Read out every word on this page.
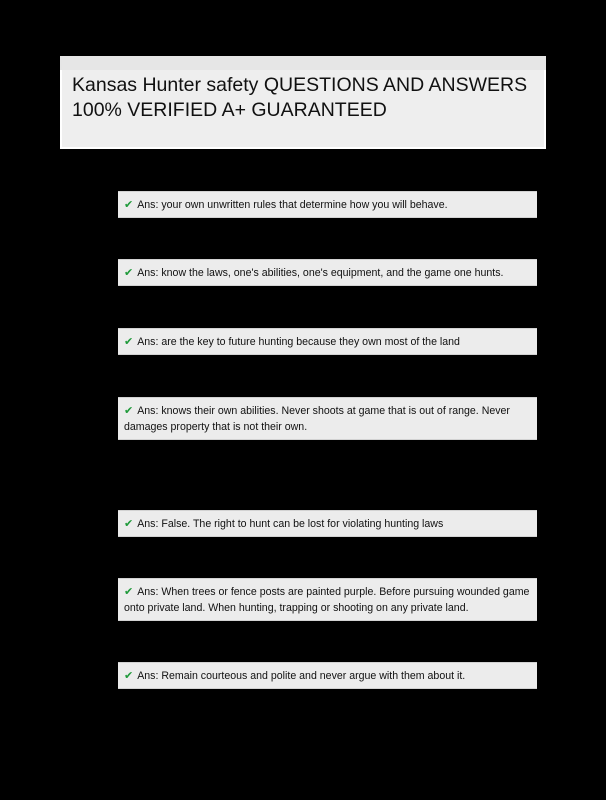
Kansas Hunter safety QUESTIONS AND ANSWERS 100% VERIFIED A+ GUARANTEED
✔ Ans: your own unwritten rules that determine how you will behave.
✔ Ans: know the laws, one's abilities, one's equipment, and the game one hunts.
✔ Ans: are the key to future hunting because they own most of the land
✔ Ans: knows their own abilities. Never shoots at game that is out of range. Never damages property that is not their own.
✔ Ans: False. The right to hunt can be lost for violating hunting laws
✔ Ans: When trees or fence posts are painted purple. Before pursuing wounded game onto private land. When hunting, trapping or shooting on any private land.
✔ Ans: Remain courteous and polite and never argue with them about it.
